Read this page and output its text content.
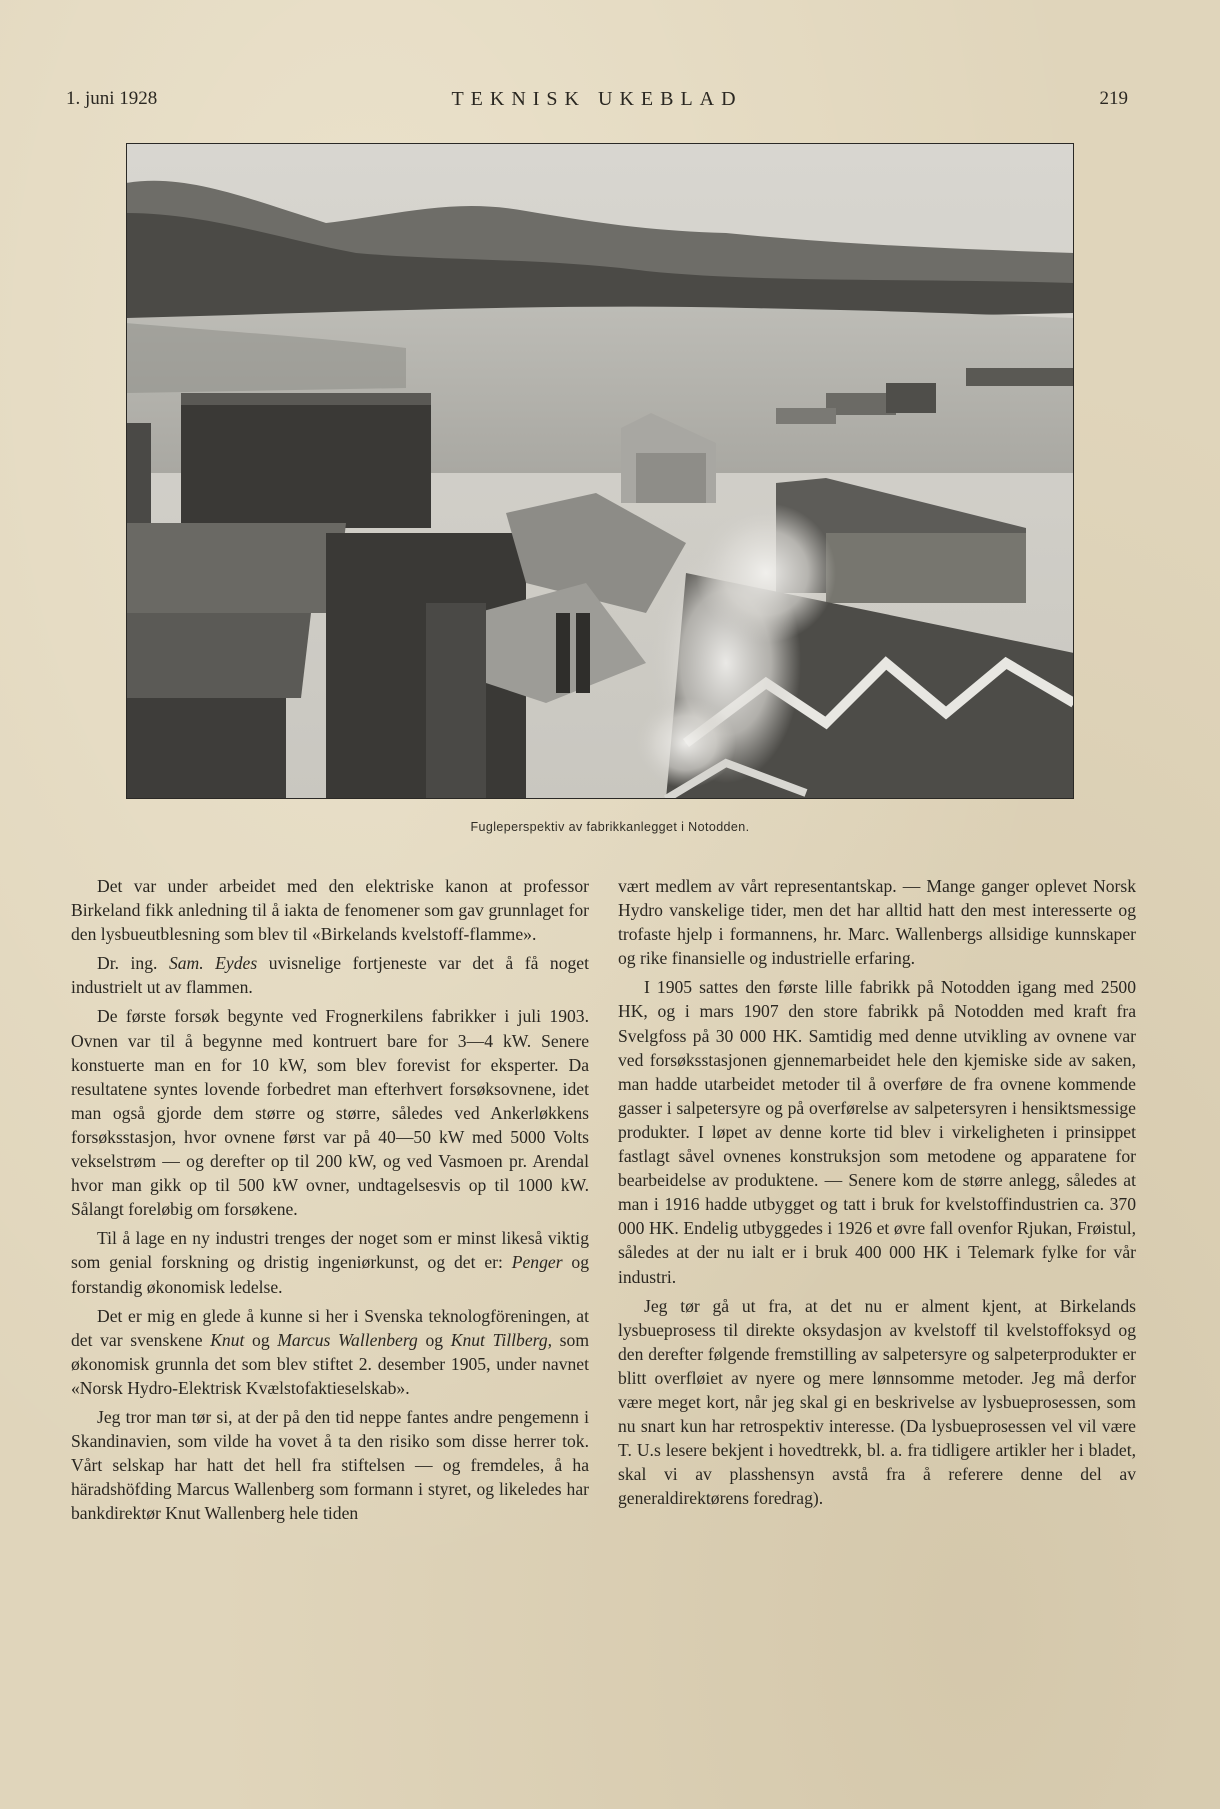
1. juni 1928	TEKNISK UKEBLAD	219
Fugleperspektiv av fabrikkanlegget i Notodden.

Det var under arbeidet med den elektriske kanon at professor Birkeland fikk anledning til å iakta de fenomener som gav grunnlaget for den lysbueutblesning som blev til «Birkelands kvelstoff-flamme».

Dr. ing. Sam. Eydes uvisnelige fortjeneste var det å få noget industrielt ut av flammen.

De første forsøk begynte ved Frognerkilens fabrikker i juli 1903. Ovnen var til å begynne med kontruert bare for 3—4 kW. Senere konstuerte man en for 10 kW, som blev forevist for eksperter. Da resultatene syntes lovende forbedret man efterhvert forsøksovnene, idet man også gjorde dem større og større, således ved Ankerløkkens forsøksstasjon, hvor ovnene først var på 40—50 kW med 5000 Volts vekselstrøm — og derefter op til 200 kW, og ved Vasmoen pr. Arendal hvor man gikk op til 500 kW ovner, undtagelsesvis op til 1000 kW. Sålangt foreløbig om forsøkene.

Til å lage en ny industri trenges der noget som er minst likeså viktig som genial forskning og dristig ingeniørkunst, og det er: Penger og forstandig økonomisk ledelse.

Det er mig en glede å kunne si her i Svenska teknologföreningen, at det var svenskene Knut og Marcus Wallenberg og Knut Tillberg, som økonomisk grunnla det som blev stiftet 2. desember 1905, under navnet «Norsk Hydro-Elektrisk Kvælstofaktieselskab».

Jeg tror man tør si, at der på den tid neppe fantes andre pengemenn i Skandinavien, som vilde ha vovet å ta den risiko som disse herrer tok. Vårt selskap har hatt det hell fra stiftelsen — og fremdeles, å ha häradshöfding Marcus Wallenberg som formann i styret, og likeledes har bankdirektør Knut Wallenberg hele tiden

vært medlem av vårt representantskap. — Mange ganger oplevet Norsk Hydro vanskelige tider, men det har alltid hatt den mest interesserte og trofaste hjelp i formannens, hr. Marc. Wallenbergs allsidige kunnskaper og rike finansielle og industrielle erfaring.

I 1905 sattes den første lille fabrikk på Notodden igang med 2500 HK, og i mars 1907 den store fabrikk på Notodden med kraft fra Svelgfoss på 30 000 HK. Samtidig med denne utvikling av ovnene var ved forsøksstasjonen gjennemarbeidet hele den kjemiske side av saken, man hadde utarbeidet metoder til å overføre de fra ovnene kommende gasser i salpetersyre og på overførelse av salpetersyren i hensiktsmessige produkter. I løpet av denne korte tid blev i virkeligheten i prinsippet fastlagt såvel ovnenes konstruksjon som metodene og apparatene for bearbeidelse av produktene. — Senere kom de større anlegg, således at man i 1916 hadde utbygget og tatt i bruk for kvelstoffindustrien ca. 370 000 HK. Endelig utbyggedes i 1926 et øvre fall ovenfor Rjukan, Frøistul, således at der nu ialt er i bruk 400 000 HK i Telemark fylke for vår industri.

Jeg tør gå ut fra, at det nu er alment kjent, at Birkelands lysbueprosess til direkte oksydasjon av kvelstoff til kvelstoffoksyd og den derefter følgende fremstilling av salpetersyre og salpeterprodukter er blitt overfløiet av nyere og mere lønnsomme metoder. Jeg må derfor være meget kort, når jeg skal gi en beskrivelse av lysbueprosessen, som nu snart kun har retrospektiv interesse. (Da lysbueprosessen vel vil være T. U.s lesere bekjent i hovedtrekk, bl. a. fra tidligere artikler her i bladet, skal vi av plasshensyn avstå fra å referere denne del av generaldirektørens foredrag).
